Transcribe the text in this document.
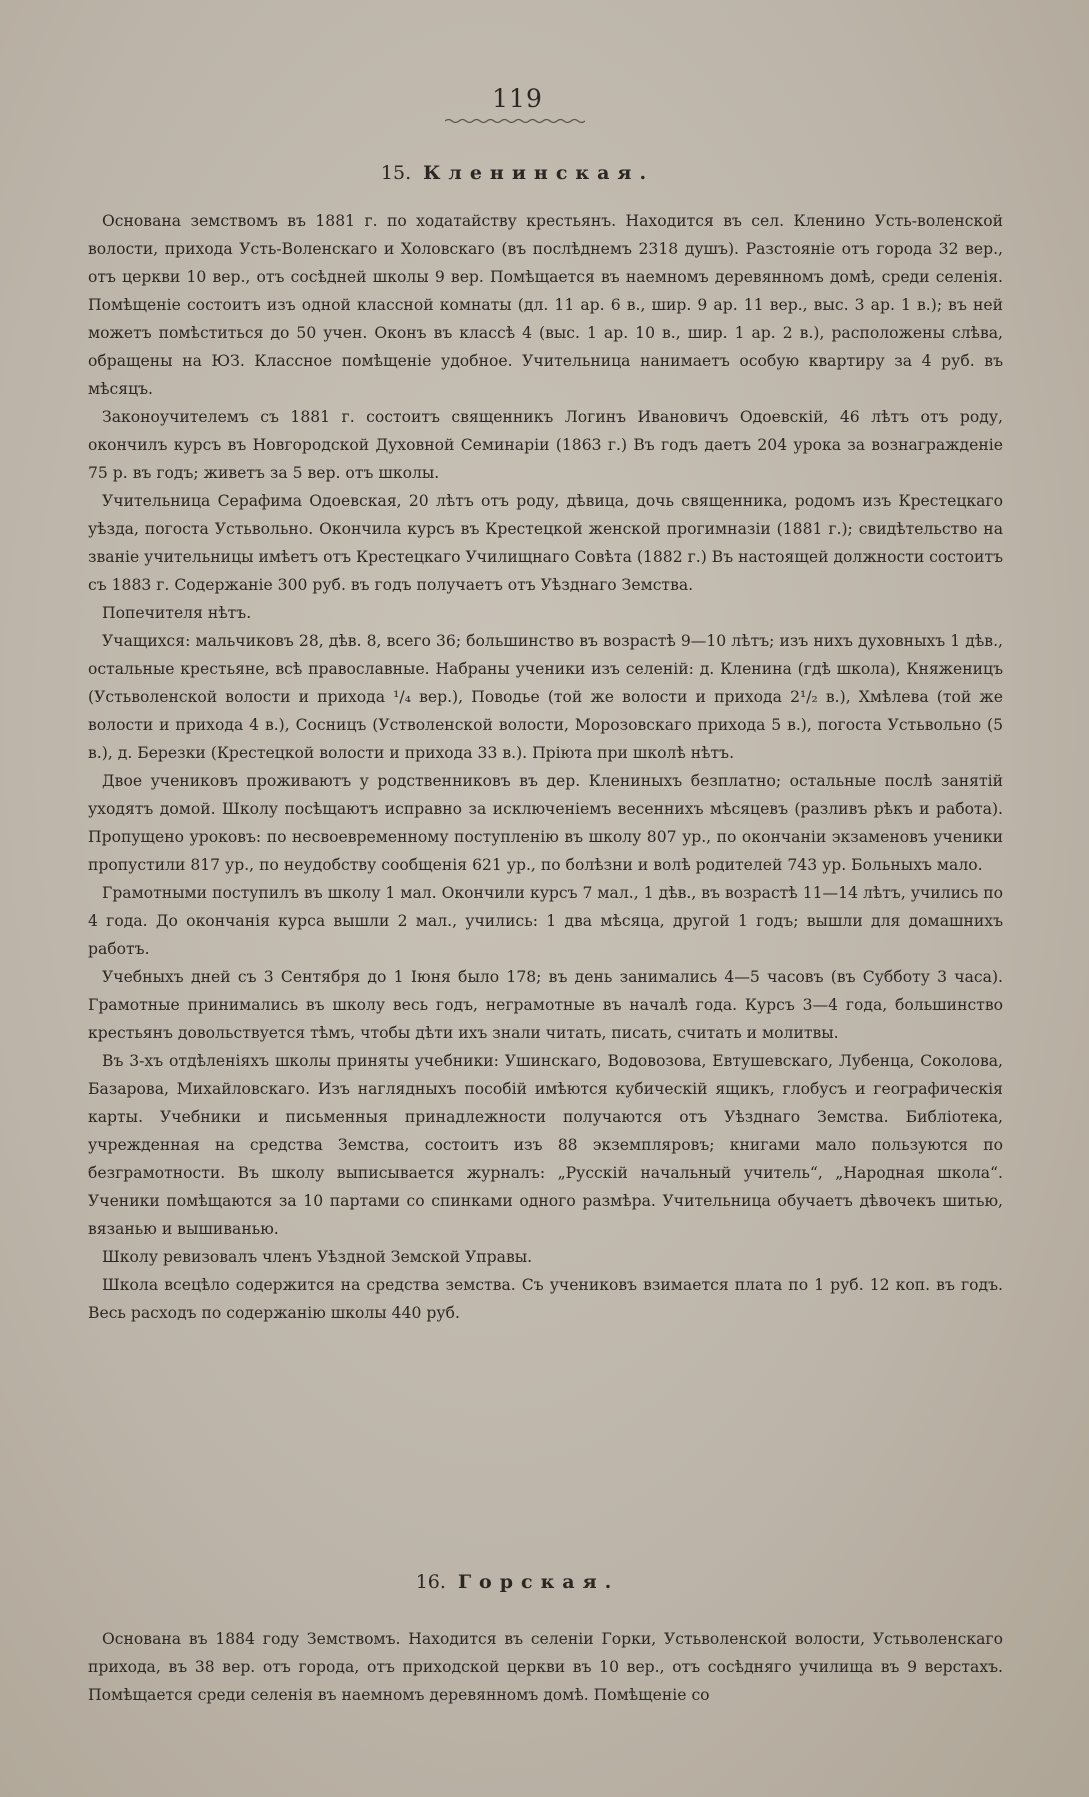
119
15. Кленинская.

Основана земствомъ въ 1881 г. по ходатайству крестьянъ. Находится въ сел. Кленино Усть-воленской волости, прихода Усть-Воленскаго и Холовскаго (въ послѣднемъ 2318 душъ). Разстояніе отъ города 32 вер., отъ церкви 10 вер., отъ сосѣдней школы 9 вер. Помѣщается въ наемномъ деревянномъ домѣ, среди селенія. Помѣщеніе состоитъ изъ одной классной комнаты (дл. 11 ар. 6 в., шир. 9 ар. 11 вер., выс. 3 ар. 1 в.); въ ней можетъ помѣститься до 50 учен. Оконъ въ классѣ 4 (выс. 1 ар. 10 в., шир. 1 ар. 2 в.), расположены слѣва, обращены на ЮЗ. Классное помѣщеніе удобное. Учительница нанимаетъ особую квартиру за 4 руб. въ мѣсяцъ.

Законоучителемъ съ 1881 г. состоитъ священникъ Логинъ Ивановичъ Одоевскій, 46 лѣтъ отъ роду, окончилъ курсъ въ Новгородской Духовной Семинаріи (1863 г.) Въ годъ даетъ 204 урока за вознагражденіе 75 р. въ годъ; живетъ за 5 вер. отъ школы.

Учительница Серафима Одоевская, 20 лѣтъ отъ роду, дѣвица, дочь священника, родомъ изъ Крестецкаго уѣзда, погоста Устьвольно. Окончила курсъ въ Крестецкой женской прогимназіи (1881 г.); свидѣтельство на званіе учительницы имѣетъ отъ Крестецкаго Училищнаго Совѣта (1882 г.) Въ настоящей должности состоитъ съ 1883 г. Содержаніе 300 руб. въ годъ получаетъ отъ Уѣзднаго Земства.

Попечителя нѣтъ.

Учащихся: мальчиковъ 28, дѣв. 8, всего 36; большинство въ возрастѣ 9—10 лѣтъ; изъ нихъ духовныхъ 1 дѣв., остальные крестьяне, всѣ православные. Набраны ученики изъ селеній: д. Кленина (гдѣ школа), Княженицъ (Устьволенской волости и прихода ¹/₄ вер.), Поводье (той же волости и прихода 2¹/₂ в.), Хмѣлева (той же волости и прихода 4 в.), Сосницъ (Устволенской волости, Морозовскаго прихода 5 в.), погоста Устьвольно (5 в.), д. Березки (Крестецкой волости и прихода 33 в.). Пріюта при школѣ нѣтъ.

Двое учениковъ проживаютъ у родственниковъ въ дер. Клениныхъ безплатно; остальные послѣ занятій уходятъ домой. Школу посѣщаютъ исправно за исключеніемъ весеннихъ мѣсяцевъ (разливъ рѣкъ и работа). Пропущено уроковъ: по несвоевременному поступленію въ школу 807 ур., по окончаніи экзаменовъ ученики пропустили 817 ур., по неудобству сообщенія 621 ур., по болѣзни и волѣ родителей 743 ур. Больныхъ мало.

Грамотными поступилъ въ школу 1 мал. Окончили курсъ 7 мал., 1 дѣв., въ возрастѣ 11—14 лѣтъ, учились по 4 года. До окончанія курса вышли 2 мал., учились: 1 два мѣсяца, другой 1 годъ; вышли для домашнихъ работъ.

Учебныхъ дней съ 3 Сентября до 1 Іюня было 178; въ день занимались 4—5 часовъ (въ Субботу 3 часа). Грамотные принимались въ школу весь годъ, неграмотные въ началѣ года. Курсъ 3—4 года, большинство крестьянъ довольствуется тѣмъ, чтобы дѣти ихъ знали читать, писать, считать и молитвы.

Въ 3-хъ отдѣленіяхъ школы приняты учебники: Ушинскаго, Водовозова, Евтушевскаго, Лубенца, Соколова, Базарова, Михайловскаго. Изъ наглядныхъ пособій имѣются кубическій ящикъ, глобусъ и географическія карты. Учебники и письменныя принадлежности получаются отъ Уѣзднаго Земства. Библіотека, учрежденная на средства Земства, состоитъ изъ 88 экземпляровъ; книгами мало пользуются по безграмотности. Въ школу выписывается журналъ: „Русскій начальный учитель“, „Народная школа“. Ученики помѣщаются за 10 партами со спинками одного размѣра. Учительница обучаетъ дѣвочекъ шитью, вязанью и вышиванью.

Школу ревизовалъ членъ Уѣздной Земской Управы.

Школа всецѣло содержится на средства земства. Съ учениковъ взимается плата по 1 руб. 12 коп. въ годъ. Весь расходъ по содержанію школы 440 руб.

16. Горская.

Основана въ 1884 году Земствомъ. Находится въ селеніи Горки, Устьволенской волости, Устьволенскаго прихода, въ 38 вер. отъ города, отъ приходской церкви въ 10 вер., отъ сосѣдняго училища въ 9 верстахъ. Помѣщается среди селенія въ наемномъ деревянномъ домѣ. Помѣщеніе со
